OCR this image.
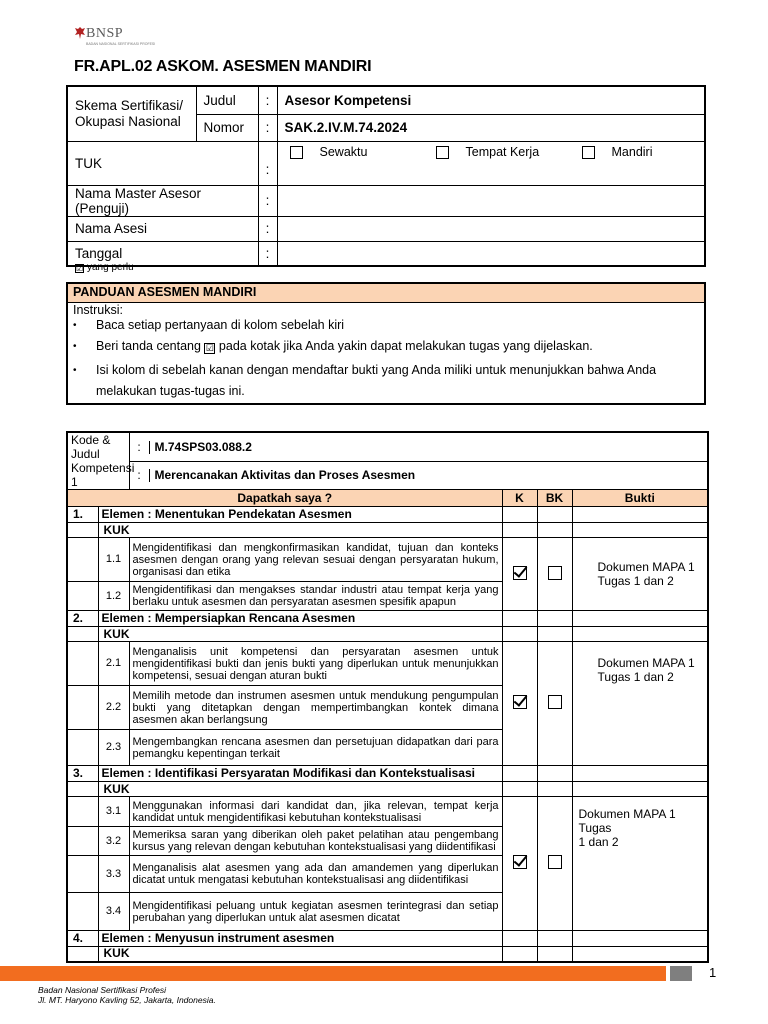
BNSP
BADAN NASIONAL SERTIFIKASI PROFESI
FR.APL.02 ASKOM. ASESMEN MANDIRI
Skema Sertifikasi/ Okupasi Nasional	Judul	:	Asesor Kompetensi
	Nomor	:	SAK.2.IV.M.74.2024
TUK		:	Sewaktu Tempat Kerja Mandiri

Nama Master Asesor (Penguji)		:	
Nama Asesi		:	
Tanggal		:	
☑ yang perlu
PANDUAN ASESMEN MANDIRI
Instruksi:
• Baca setiap pertanyaan di kolom sebelah kiri
• Beri tanda centang ☑ pada kotak jika Anda yakin dapat melakukan tugas yang dijelaskan.
• Isi kolom di sebelah kanan dengan mendaftar bukti yang Anda miliki untuk menunjukkan bahwa Anda melakukan tugas-tugas ini.
Kode & Judul Kompetensi 1		: M.74SPS03.088.2			

		: Merencanakan Aktivitas dan Proses Asesmen			

Dapatkah saya ?			K	BK	Bukti
1.	Elemen : Menentukan Pendekatan Asesmen				
	KUK				
	1.1	Mengidentifikasi dan mengkonfirmasikan kandidat, tujuan dan konteks asesmen dengan orang yang relevan sesuai dengan persyaratan hukum, organisasi dan etika			Dokumen MAPA 1
Tugas 1 dan 2

	1.2	Mengidentifikasi dan mengakses standar industri atau tempat kerja yang berlaku untuk asesmen dan persyaratan asesmen spesifik apapun			
2.	Elemen : Mempersiapkan Rencana Asesmen				
	KUK				
	2.1	Menganalisis unit kompetensi dan persyaratan asesmen untuk mengidentifikasi bukti dan jenis bukti yang diperlukan untuk menunjukkan kompetensi, sesuai dengan aturan bukti			Dokumen MAPA 1
Tugas 1 dan 2

	2.2	Memilih metode dan instrumen asesmen untuk mendukung pengumpulan bukti yang ditetapkan dengan mempertimbangkan kontek dimana asesmen akan berlangsung			
	2.3	Mengembangkan rencana asesmen dan persetujuan didapatkan dari para pemangku kepentingan terkait			
3.	Elemen : Identifikasi Persyaratan Modifikasi dan Kontekstualisasi				
	KUK				
	3.1	Menggunakan informasi dari kandidat dan, jika relevan, tempat kerja kandidat untuk mengidentifikasi kebutuhan kontekstualisasi			Dokumen MAPA 1 Tugas
1 dan 2

	3.2	Memeriksa saran yang diberikan oleh paket pelatihan atau pengembang kursus yang relevan dengan kebutuhan kontekstualisasi yang diidentifikasi			
	3.3	Menganalisis alat asesmen yang ada dan amandemen yang diperlukan dicatat untuk mengatasi kebutuhan kontekstualisasi ang diidentifikasi			
	3.4	Mengidentifikasi peluang untuk kegiatan asesmen terintegrasi dan setiap perubahan yang diperlukan untuk alat asesmen dicatat			
4.	Elemen : Menyusun instrument asesmen				
	KUK				
1
Badan Nasional Sertifikasi Profesi
Jl. MT. Haryono Kavling 52, Jakarta, Indonesia.
